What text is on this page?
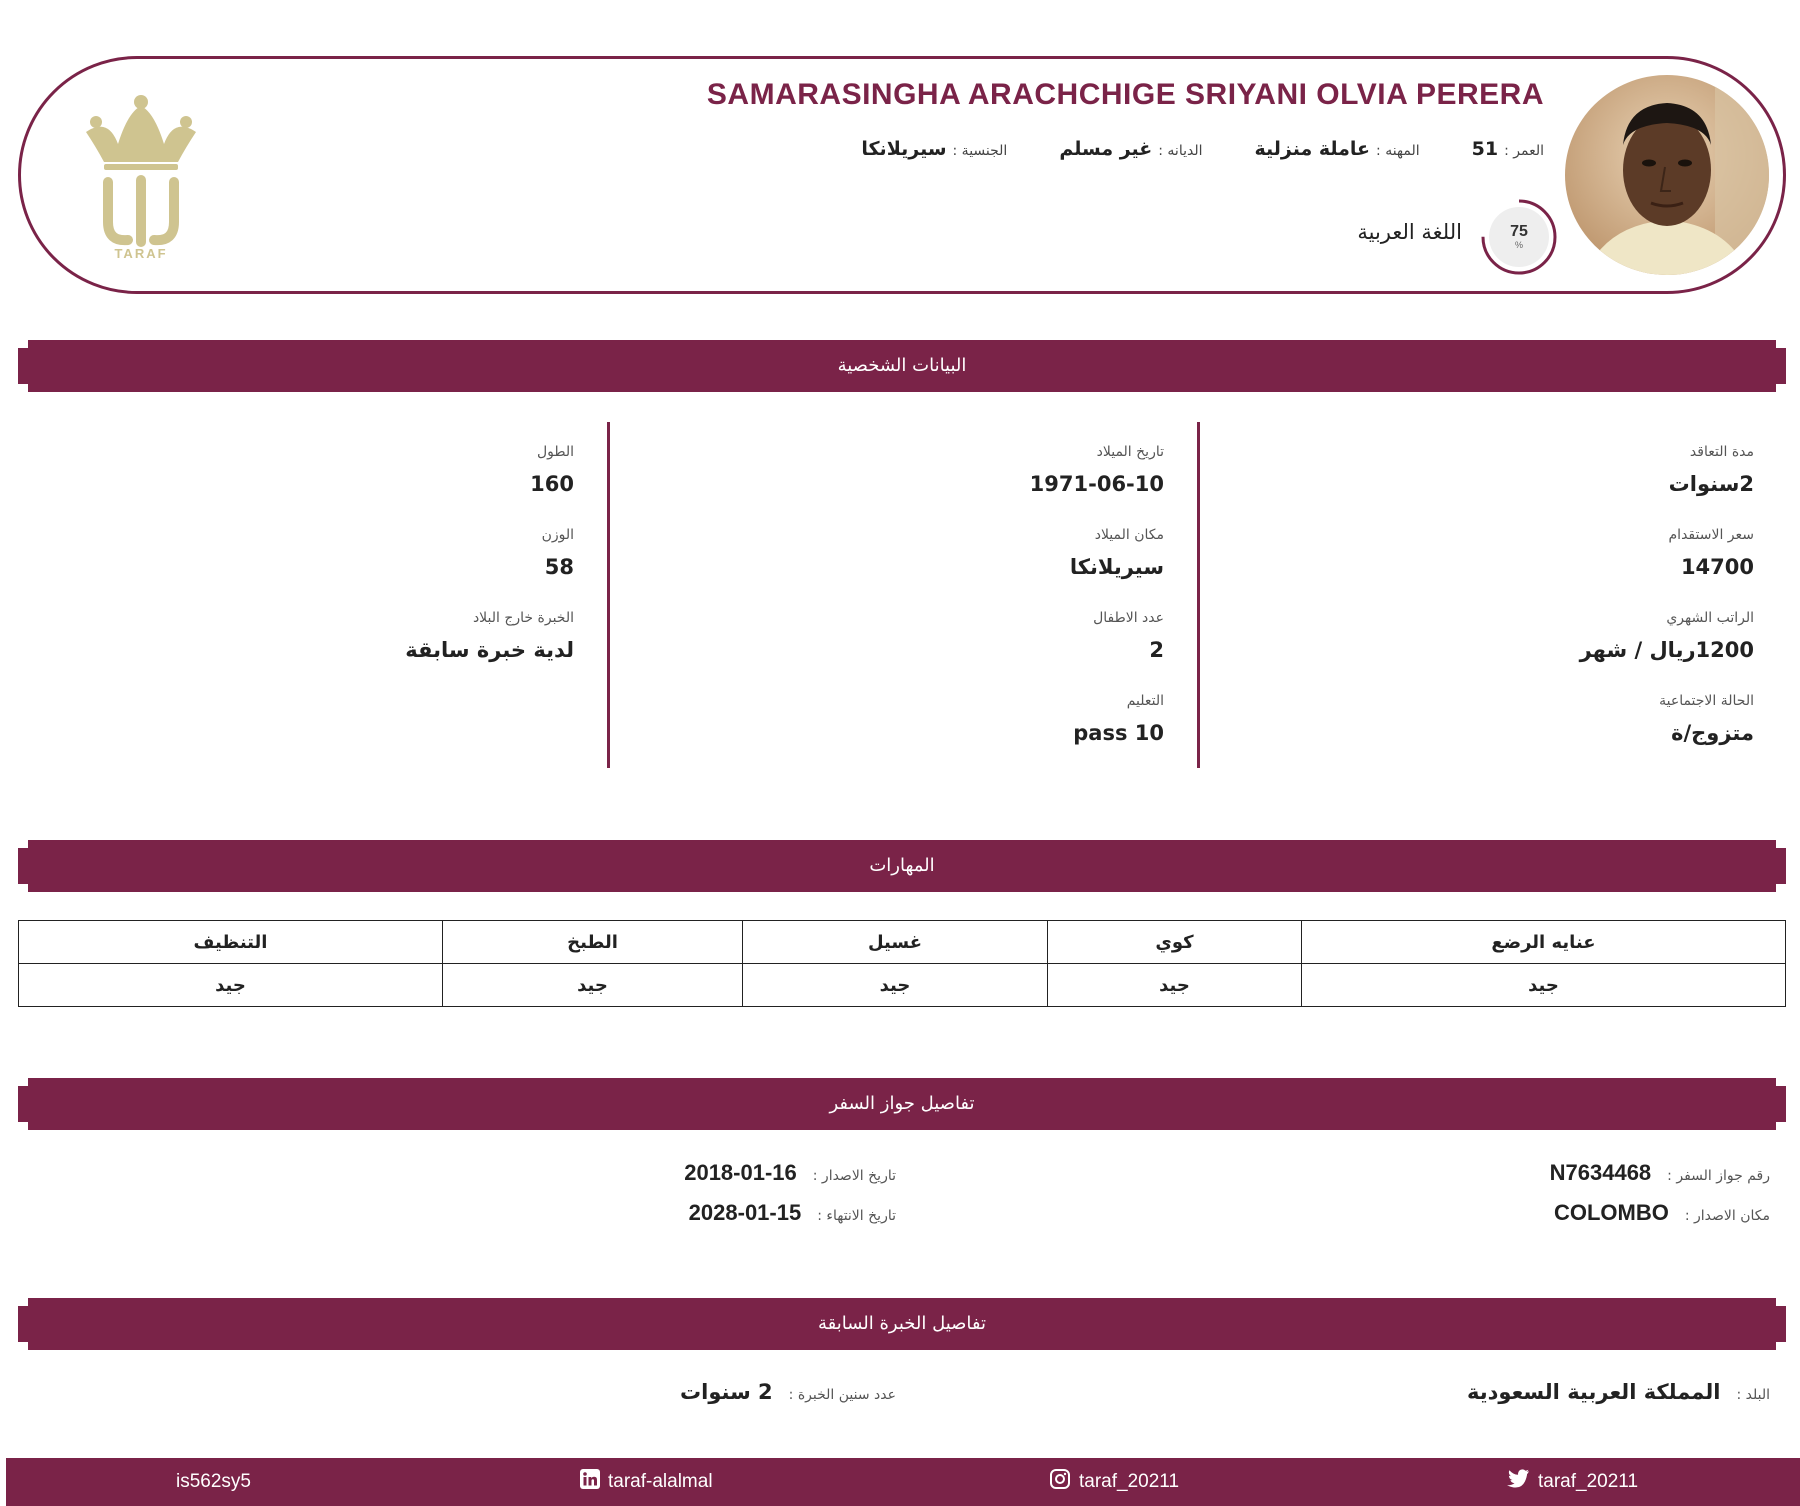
TARAF
SAMARASINGHA ARACHCHIGE SRIYANI OLVIA PERERA
الجنسية :
سيريلانكا	الديانه :
غير مسلم	المهنه :
عاملة منزلية	العمر :
51
75
%
اللغة العربية
البيانات الشخصية
مدة التعاقد
2سنوات
سعر الاستقدام
14700
الراتب الشهري
1200ريال / شهر
الحالة الاجتماعية
متزوج/ة
تاريخ الميلاد
1971-06-10
مكان الميلاد
سيريلانكا
عدد الاطفال
2
التعليم
pass 10
الطول
160
الوزن
58
الخبرة خارج البلاد
لدية خبرة سابقة
المهارات
عنايه الرضع	كوي	غسيل	الطبخ	التنظيف
جيد	جيد	جيد	جيد	جيد
تفاصيل جواز السفر
رقم جواز السفر :
N7634468
مكان الاصدار :
COLOMBO
تاريخ الاصدار :
2018-01-16
تاريخ الانتهاء :
2028-01-15
تفاصيل الخبرة السابقة
البلد :
المملكة العربية السعودية
عدد سنين الخبرة :
2 سنوات
is562sy5	taraf-alalmal	taraf_20211	taraf_20211
